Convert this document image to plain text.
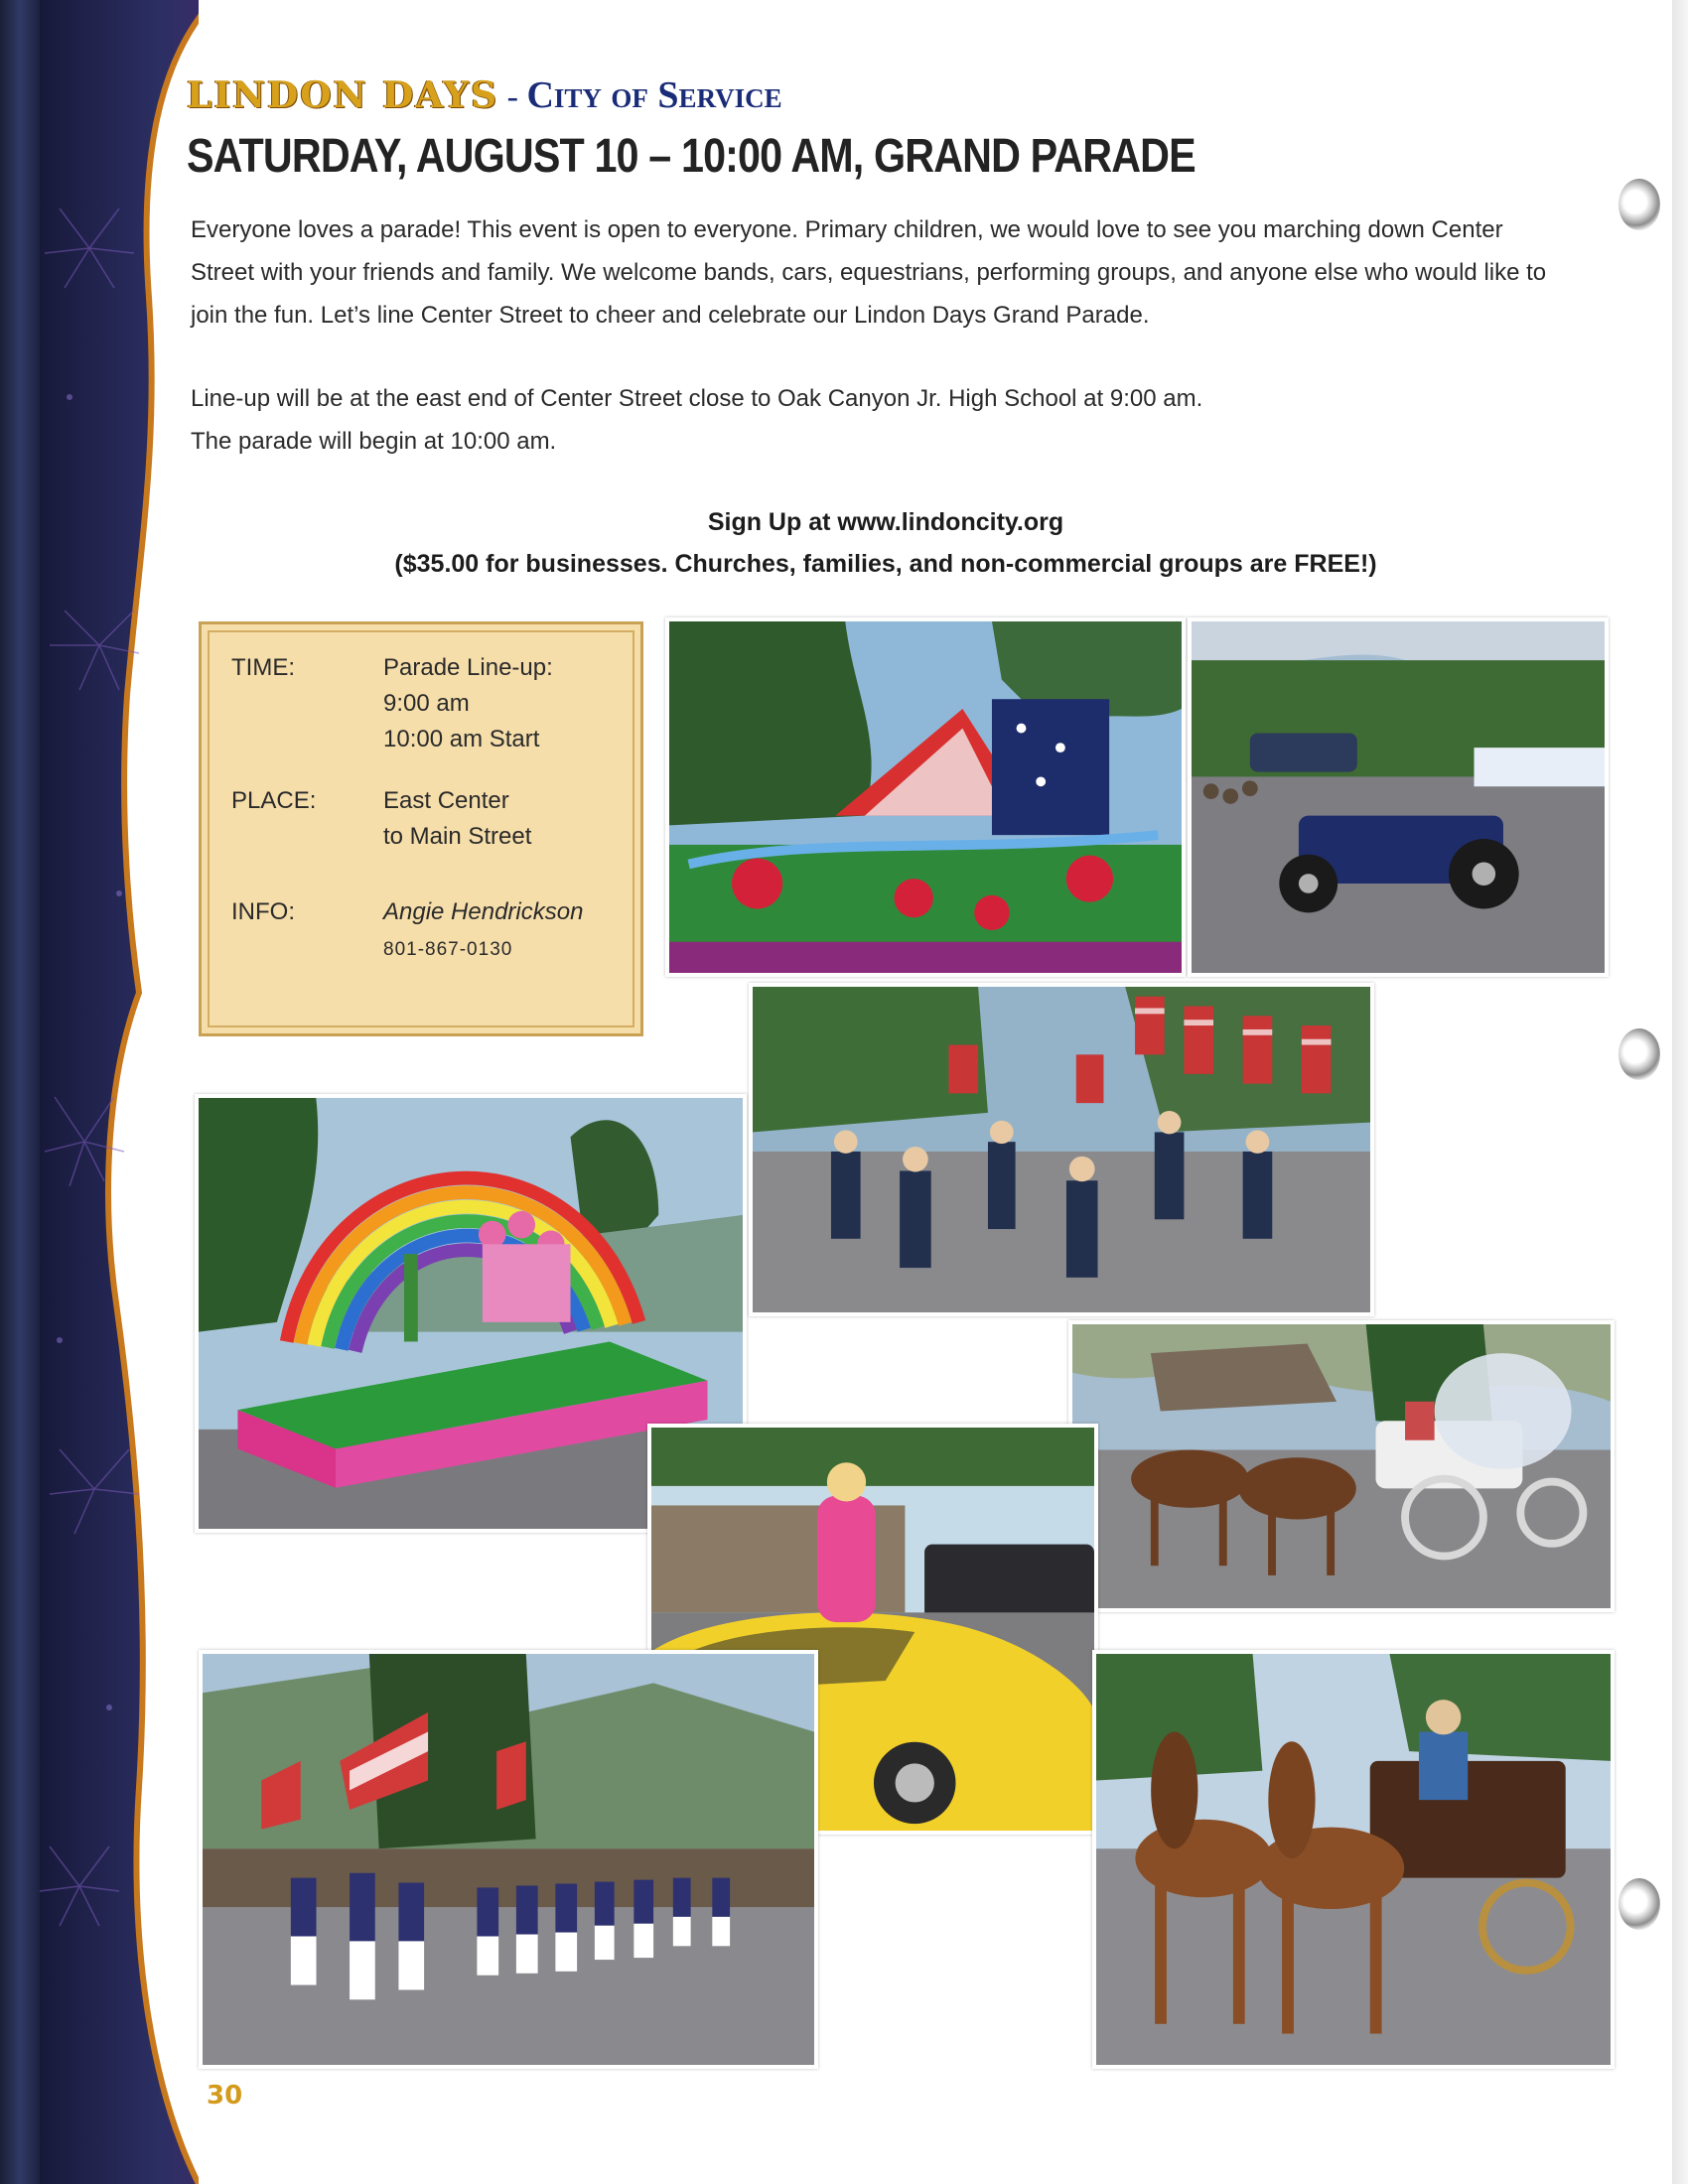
LINDON DAYS - City of Service
SATURDAY, AUGUST 10 – 10:00 AM, GRAND PARADE
Everyone loves a parade! This event is open to everyone. Primary children, we would love to see you marching down Center Street with your friends and family. We welcome bands, cars, equestrians, performing groups, and anyone else who would like to join the fun. Let’s line Center Street to cheer and celebrate our Lindon Days Grand Parade.
Line-up will be at the east end of Center Street close to Oak Canyon Jr. High School at 9:00 am.
The parade will begin at 10:00 am.
Sign Up at www.lindoncity.org
($35.00 for businesses. Churches, families, and non-commercial groups are FREE!)
TIME:	Parade Line-up:
9:00 am
10:00 am Start
PLACE:	East Center
to Main Street
INFO:	Angie Hendrickson
801-867-0130
30
